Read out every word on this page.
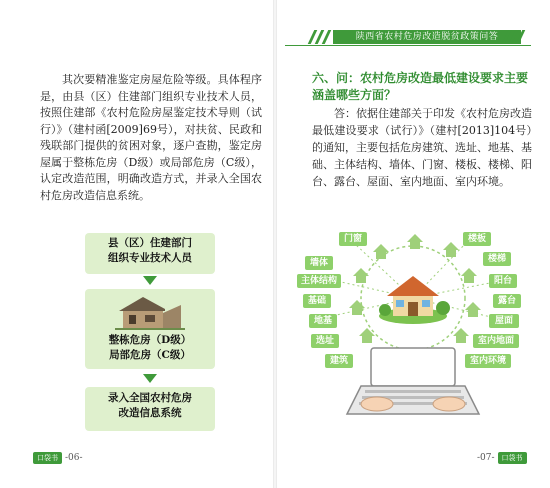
陕西省农村危房改造脱贫政策问答

其次要精准鉴定房屋危险等级。具体程序是，由县（区）住建部门组织专业技术人员，按照住建部《农村危险房屋鉴定技术导则（试行）》（建村函[2009]69号），对扶贫、民政和残联部门提供的贫困对象，逐户查勘，鉴定房屋属于整栋危房（D级）或局部危房（C级），认定改造范围，明确改造方式，并录入全国农村危房改造信息系统。

县（区）住建部门
组织专业技术人员
整栋危房（D级）
局部危房（C级）
录入全国农村危房
改造信息系统
六、问：农村危房改造最低建设要求主要涵盖哪些方面？

答：依据住建部关于印发《农村危房改造最低建设要求（试行）》（建村[2013]104号）的通知，主要包括危房建筑、选址、地基、基础、主体结构、墙体、门窗、楼板、楼梯、阳台、露台、屋面、室内地面、室内环境。

门窗
墙体
主体结构
基础
地基
选址
建筑
楼板
楼梯
阳台
露台
屋面
室内地面
室内环境
口袋书 -06-	-07-	口袋书
